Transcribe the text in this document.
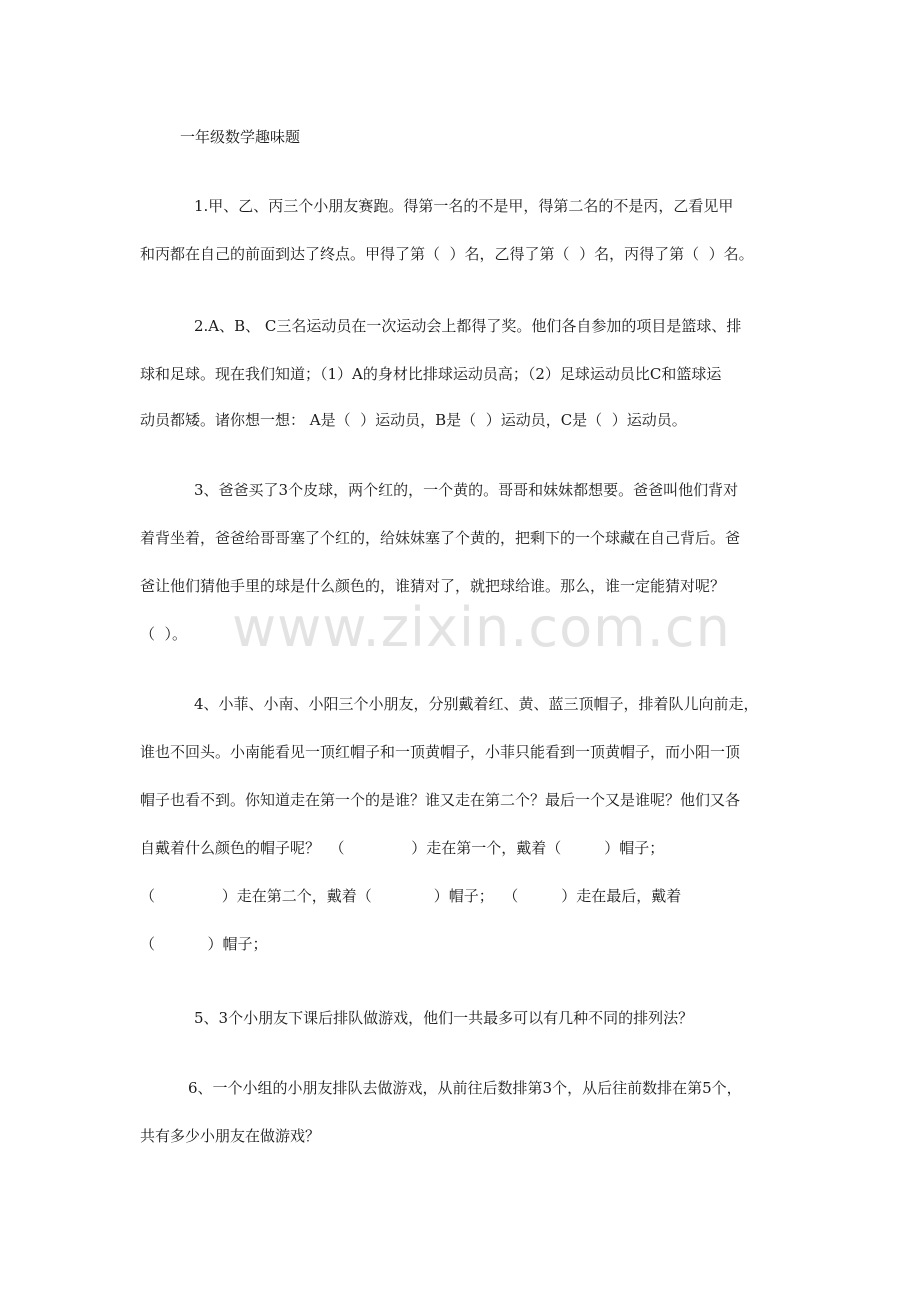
一年级数学趣味题
1.甲、乙、丙三个小朋友赛跑。得第一名的不是甲，得第二名的不是丙，乙看见甲
和丙都在自己的前面到达了终点。甲得了第（  ）名，乙得了第（  ）名，丙得了第（  ）名。
2.A、B、 C三名运动员在一次运动会上都得了奖。他们各自参加的项目是篮球、排
球和足球。现在我们知道；（1）A的身材比排球运动员高；（2）足球运动员比C和篮球运
动员都矮。诸你想一想： A是（  ）运动员，B是（  ）运动员，C是（  ）运动员。
3、爸爸买了3个皮球，两个红的，一个黄的。哥哥和妹妹都想要。爸爸叫他们背对
着背坐着，爸爸给哥哥塞了个红的，给妹妹塞了个黄的，把剩下的一个球藏在自己背后。爸
爸让他们猜他手里的球是什么颜色的，谁猜对了，就把球给谁。那么，谁一定能猜对呢？
（  ）。
4、小菲、小南、小阳三个小朋友，分别戴着红、黄、蓝三顶帽子，排着队儿向前走，
谁也不回头。小南能看见一顶红帽子和一顶黄帽子，小菲只能看到一顶黄帽子，而小阳一顶
帽子也看不到。你知道走在第一个的是谁？谁又走在第二个？最后一个又是谁呢？他们又各
自戴着什么颜色的帽子呢？  （              ）走在第一个，戴着（         ）帽子；
（              ）走在第二个，戴着（             ）帽子；  （         ）走在最后，戴着
（           ）帽子；
5、3个小朋友下课后排队做游戏，他们一共最多可以有几种不同的排列法？
6、一个小组的小朋友排队去做游戏，从前往后数排第3个，从后往前数排在第5个，
共有多少小朋友在做游戏？
www.zixin.com.cn
